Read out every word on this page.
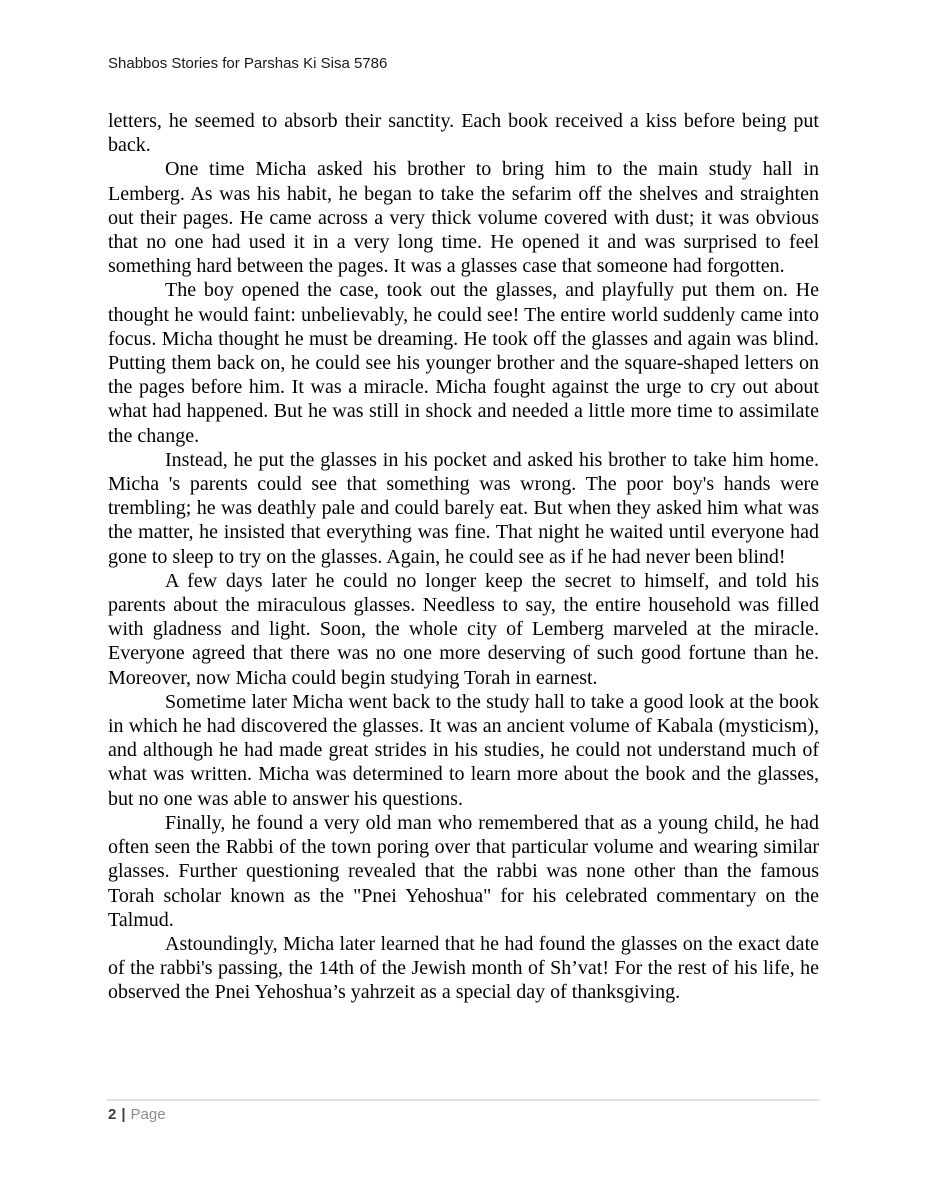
Shabbos Stories for Parshas Ki Sisa 5786

letters, he seemed to absorb their sanctity. Each book received a kiss before being put back.

One time Micha asked his brother to bring him to the main study hall in Lemberg. As was his habit, he began to take the sefarim off the shelves and straighten out their pages. He came across a very thick volume covered with dust; it was obvious that no one had used it in a very long time. He opened it and was surprised to feel something hard between the pages. It was a glasses case that someone had forgotten.

The boy opened the case, took out the glasses, and playfully put them on. He thought he would faint: unbelievably, he could see! The entire world suddenly came into focus. Micha thought he must be dreaming. He took off the glasses and again was blind. Putting them back on, he could see his younger brother and the square-shaped letters on the pages before him. It was a miracle. Micha fought against the urge to cry out about what had happened. But he was still in shock and needed a little more time to assimilate the change.

Instead, he put the glasses in his pocket and asked his brother to take him home. Micha 's parents could see that something was wrong. The poor boy's hands were trembling; he was deathly pale and could barely eat. But when they asked him what was the matter, he insisted that everything was fine. That night he waited until everyone had gone to sleep to try on the glasses. Again, he could see as if he had never been blind!

A few days later he could no longer keep the secret to himself, and told his parents about the miraculous glasses. Needless to say, the entire household was filled with gladness and light. Soon, the whole city of Lemberg marveled at the miracle. Everyone agreed that there was no one more deserving of such good fortune than he. Moreover, now Micha could begin studying Torah in earnest.

Sometime later Micha went back to the study hall to take a good look at the book in which he had discovered the glasses. It was an ancient volume of Kabala (mysticism), and although he had made great strides in his studies, he could not understand much of what was written. Micha was determined to learn more about the book and the glasses, but no one was able to answer his questions.

Finally, he found a very old man who remembered that as a young child, he had often seen the Rabbi of the town poring over that particular volume and wearing similar glasses. Further questioning revealed that the rabbi was none other than the famous Torah scholar known as the "Pnei Yehoshua" for his celebrated commentary on the Talmud.

Astoundingly, Micha later learned that he had found the glasses on the exact date of the rabbi's passing, the 14th of the Jewish month of Sh’vat! For the rest of his life, he observed the Pnei Yehoshua’s yahrzeit as a special day of thanksgiving.

2 | Page
